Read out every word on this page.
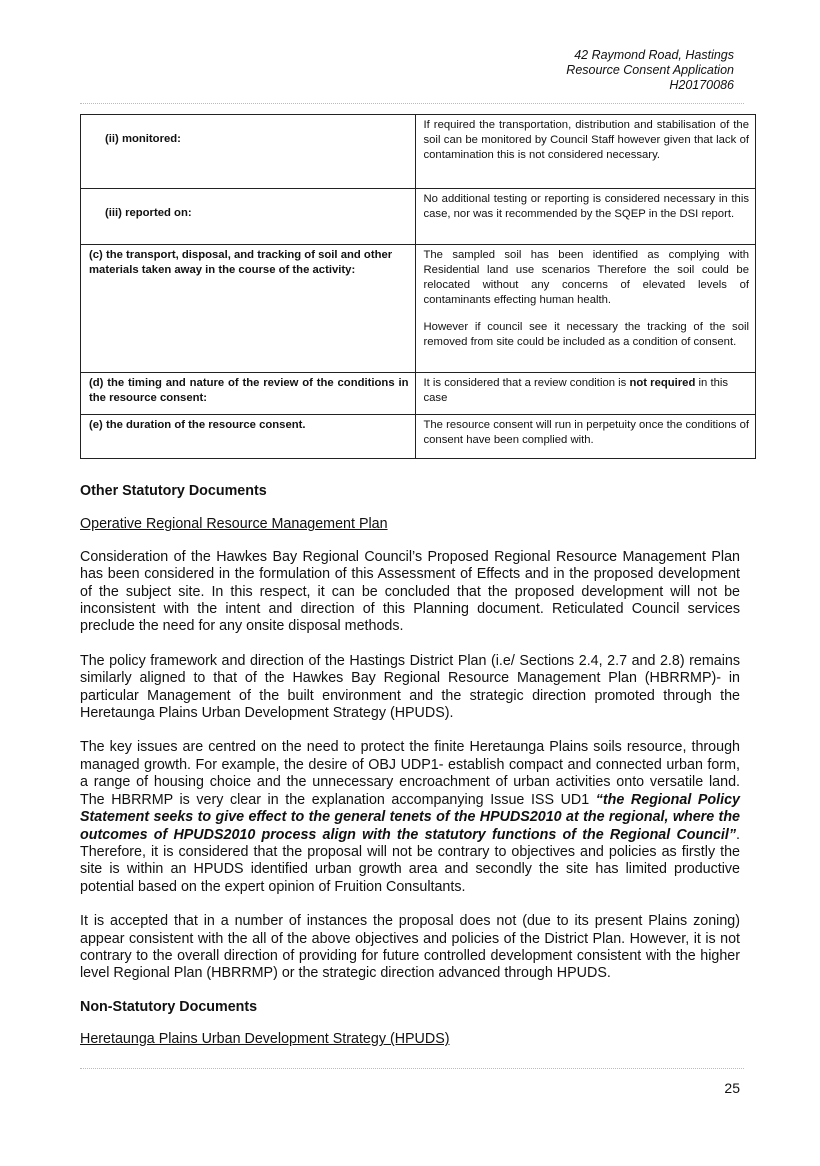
42 Raymond Road, Hastings
Resource Consent Application
H20170086
(ii) monitored:	If required the transportation, distribution and stabilisation of the soil can be monitored by Council Staff however given that lack of contamination this is not considered necessary.

(iii) reported on:	No additional testing or reporting is considered necessary in this case, nor was it recommended by the SQEP in the DSI report.
(c) the transport, disposal, and tracking of soil and other materials taken away in the course of the activity:	The sampled soil has been identified as complying with Residential land use scenarios Therefore the soil could be relocated without any concerns of elevated levels of contaminants effecting human health.
However if council see it necessary the tracking of the soil removed from site could be included as a condition of consent.

(d) the timing and nature of the review of the conditions in the resource consent:	It is considered that a review condition is not required in this case
(e) the duration of the resource consent.	The resource consent will run in perpetuity once the conditions of consent have been complied with.

Other Statutory Documents

Operative Regional Resource Management Plan

Consideration of the Hawkes Bay Regional Council’s Proposed Regional Resource Management Plan has been considered in the formulation of this Assessment of Effects and in the proposed development of the subject site. In this respect, it can be concluded that the proposed development will not be inconsistent with the intent and direction of this Planning document. Reticulated Council services preclude the need for any onsite disposal methods.

The policy framework and direction of the Hastings District Plan (i.e/ Sections 2.4, 2.7 and 2.8) remains similarly aligned to that of the Hawkes Bay Regional Resource Management Plan (HBRRMP)- in particular Management of the built environment and the strategic direction promoted through the Heretaunga Plains Urban Development Strategy (HPUDS).

The key issues are centred on the need to protect the finite Heretaunga Plains soils resource, through managed growth. For example, the desire of OBJ UDP1- establish compact and connected urban form, a range of housing choice and the unnecessary encroachment of urban activities onto versatile land. The HBRRMP is very clear in the explanation accompanying Issue ISS UD1 “the Regional Policy Statement seeks to give effect to the general tenets of the HPUDS2010 at the regional, where the outcomes of HPUDS2010 process align with the statutory functions of the Regional Council”. Therefore, it is considered that the proposal will not be contrary to objectives and policies as firstly the site is within an HPUDS identified urban growth area and secondly the site has limited productive potential based on the expert opinion of Fruition Consultants.

It is accepted that in a number of instances the proposal does not (due to its present Plains zoning) appear consistent with the all of the above objectives and policies of the District Plan. However, it is not contrary to the overall direction of providing for future controlled development consistent with the higher level Regional Plan (HBRRMP) or the strategic direction advanced through HPUDS.

Non-Statutory Documents

Heretaunga Plains Urban Development Strategy (HPUDS)

25
